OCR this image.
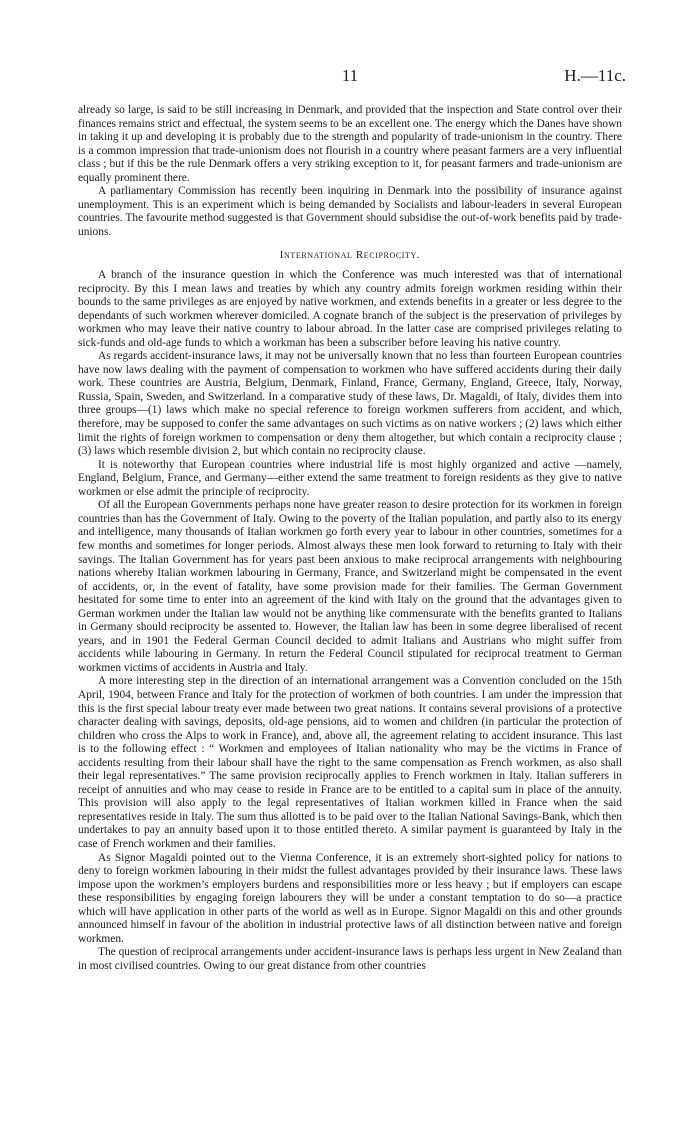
11	H.—11c.

already so large, is said to be still increasing in Denmark, and provided that the inspection and State control over their finances remains strict and effectual, the system seems to be an excellent one. The energy which the Danes have shown in taking it up and developing it is probably due to the strength and popularity of trade-unionism in the country. There is a common impression that trade-unionism does not flourish in a country where peasant farmers are a very influential class ; but if this be the rule Denmark offers a very striking exception to it, for peasant farmers and trade-unionism are equally prominent there.

A parliamentary Commission has recently been inquiring in Denmark into the possibility of insurance against unemployment. This is an experiment which is being demanded by Socialists and labour-leaders in several European countries. The favourite method suggested is that Government should subsidise the out-of-work benefits paid by trade-unions.

International Reciprocity.

A branch of the insurance question in which the Conference was much interested was that of international reciprocity. By this I mean laws and treaties by which any country admits foreign workmen residing within their bounds to the same privileges as are enjoyed by native workmen, and extends benefits in a greater or less degree to the dependants of such workmen wherever domiciled. A cognate branch of the subject is the preservation of privileges by workmen who may leave their native country to labour abroad. In the latter case are comprised privileges relating to sick-funds and old-age funds to which a workman has been a subscriber before leaving his native country.

As regards accident-insurance laws, it may not be universally known that no less than fourteen European countries have now laws dealing with the payment of compensation to workmen who have suffered accidents during their daily work. These countries are Austria, Belgium, Denmark, Finland, France, Germany, England, Greece, Italy, Norway, Russia, Spain, Sweden, and Switzerland. In a comparative study of these laws, Dr. Magaldi, of Italy, divides them into three groups—(1) laws which make no special reference to foreign workmen sufferers from accident, and which, therefore, may be supposed to confer the same advantages on such victims as on native workers ; (2) laws which either limit the rights of foreign workmen to compensation or deny them altogether, but which contain a reciprocity clause ; (3) laws which resemble division 2, but which contain no reciprocity clause.

It is noteworthy that European countries where industrial life is most highly organized and active —namely, England, Belgium, France, and Germany—either extend the same treatment to foreign residents as they give to native workmen or else admit the principle of reciprocity.

Of all the European Governments perhaps none have greater reason to desire protection for its workmen in foreign countries than has the Government of Italy. Owing to the poverty of the Italian population, and partly also to its energy and intelligence, many thousands of Italian workmen go forth every year to labour in other countries, sometimes for a few months and sometimes for longer periods. Almost always these men look forward to returning to Italy with their savings. The Italian Government has for years past been anxious to make reciprocal arrangements with neighbouring nations whereby Italian workmen labouring in Germany, France, and Switzerland might be compensated in the event of accidents, or, in the event of fatality, have some provision made for their families. The German Government hesitated for some time to enter into an agreement of the kind with Italy on the ground that the advantages given to German workmen under the Italian law would not be anything like commensurate with the benefits granted to Italians in Germany should reciprocity be assented to. However, the Italian law has been in some degree liberalised of recent years, and in 1901 the Federal German Council decided to admit Italians and Austrians who might suffer from accidents while labouring in Germany. In return the Federal Council stipulated for reciprocal treatment to German workmen victims of accidents in Austria and Italy.

A more interesting step in the direction of an international arrangement was a Convention concluded on the 15th April, 1904, between France and Italy for the protection of workmen of both countries. I am under the impression that this is the first special labour treaty ever made between two great nations. It contains several provisions of a protective character dealing with savings, deposits, old-age pensions, aid to women and children (in particular the protection of children who cross the Alps to work in France), and, above all, the agreement relating to accident insurance. This last is to the following effect : “ Workmen and employees of Italian nationality who may be the victims in France of accidents resulting from their labour shall have the right to the same compensation as French workmen, as also shall their legal representatives.” The same provision reciprocally applies to French workmen in Italy. Italian sufferers in receipt of annuities and who may cease to reside in France are to be entitled to a capital sum in place of the annuity. This provision will also apply to the legal representatives of Italian workmen killed in France when the said representatives reside in Italy. The sum thus allotted is to be paid over to the Italian National Savings-Bank, which then undertakes to pay an annuity based upon it to those entitled thereto. A similar payment is guaranteed by Italy in the case of French workmen and their families.

As Signor Magaldi pointed out to the Vienna Conference, it is an extremely short-sighted policy for nations to deny to foreign workmen labouring in their midst the fullest advantages provided by their insurance laws. These laws impose upon the workmen’s employers burdens and responsibilities more or less heavy ; but if employers can escape these responsibilities by engaging foreign labourers they will be under a constant temptation to do so—a practice which will have application in other parts of the world as well as in Europe. Signor Magaldi on this and other grounds announced himself in favour of the abolition in industrial protective laws of all distinction between native and foreign workmen.

The question of reciprocal arrangements under accident-insurance laws is perhaps less urgent in New Zealand than in most civilised countries. Owing to our great distance from other countries
